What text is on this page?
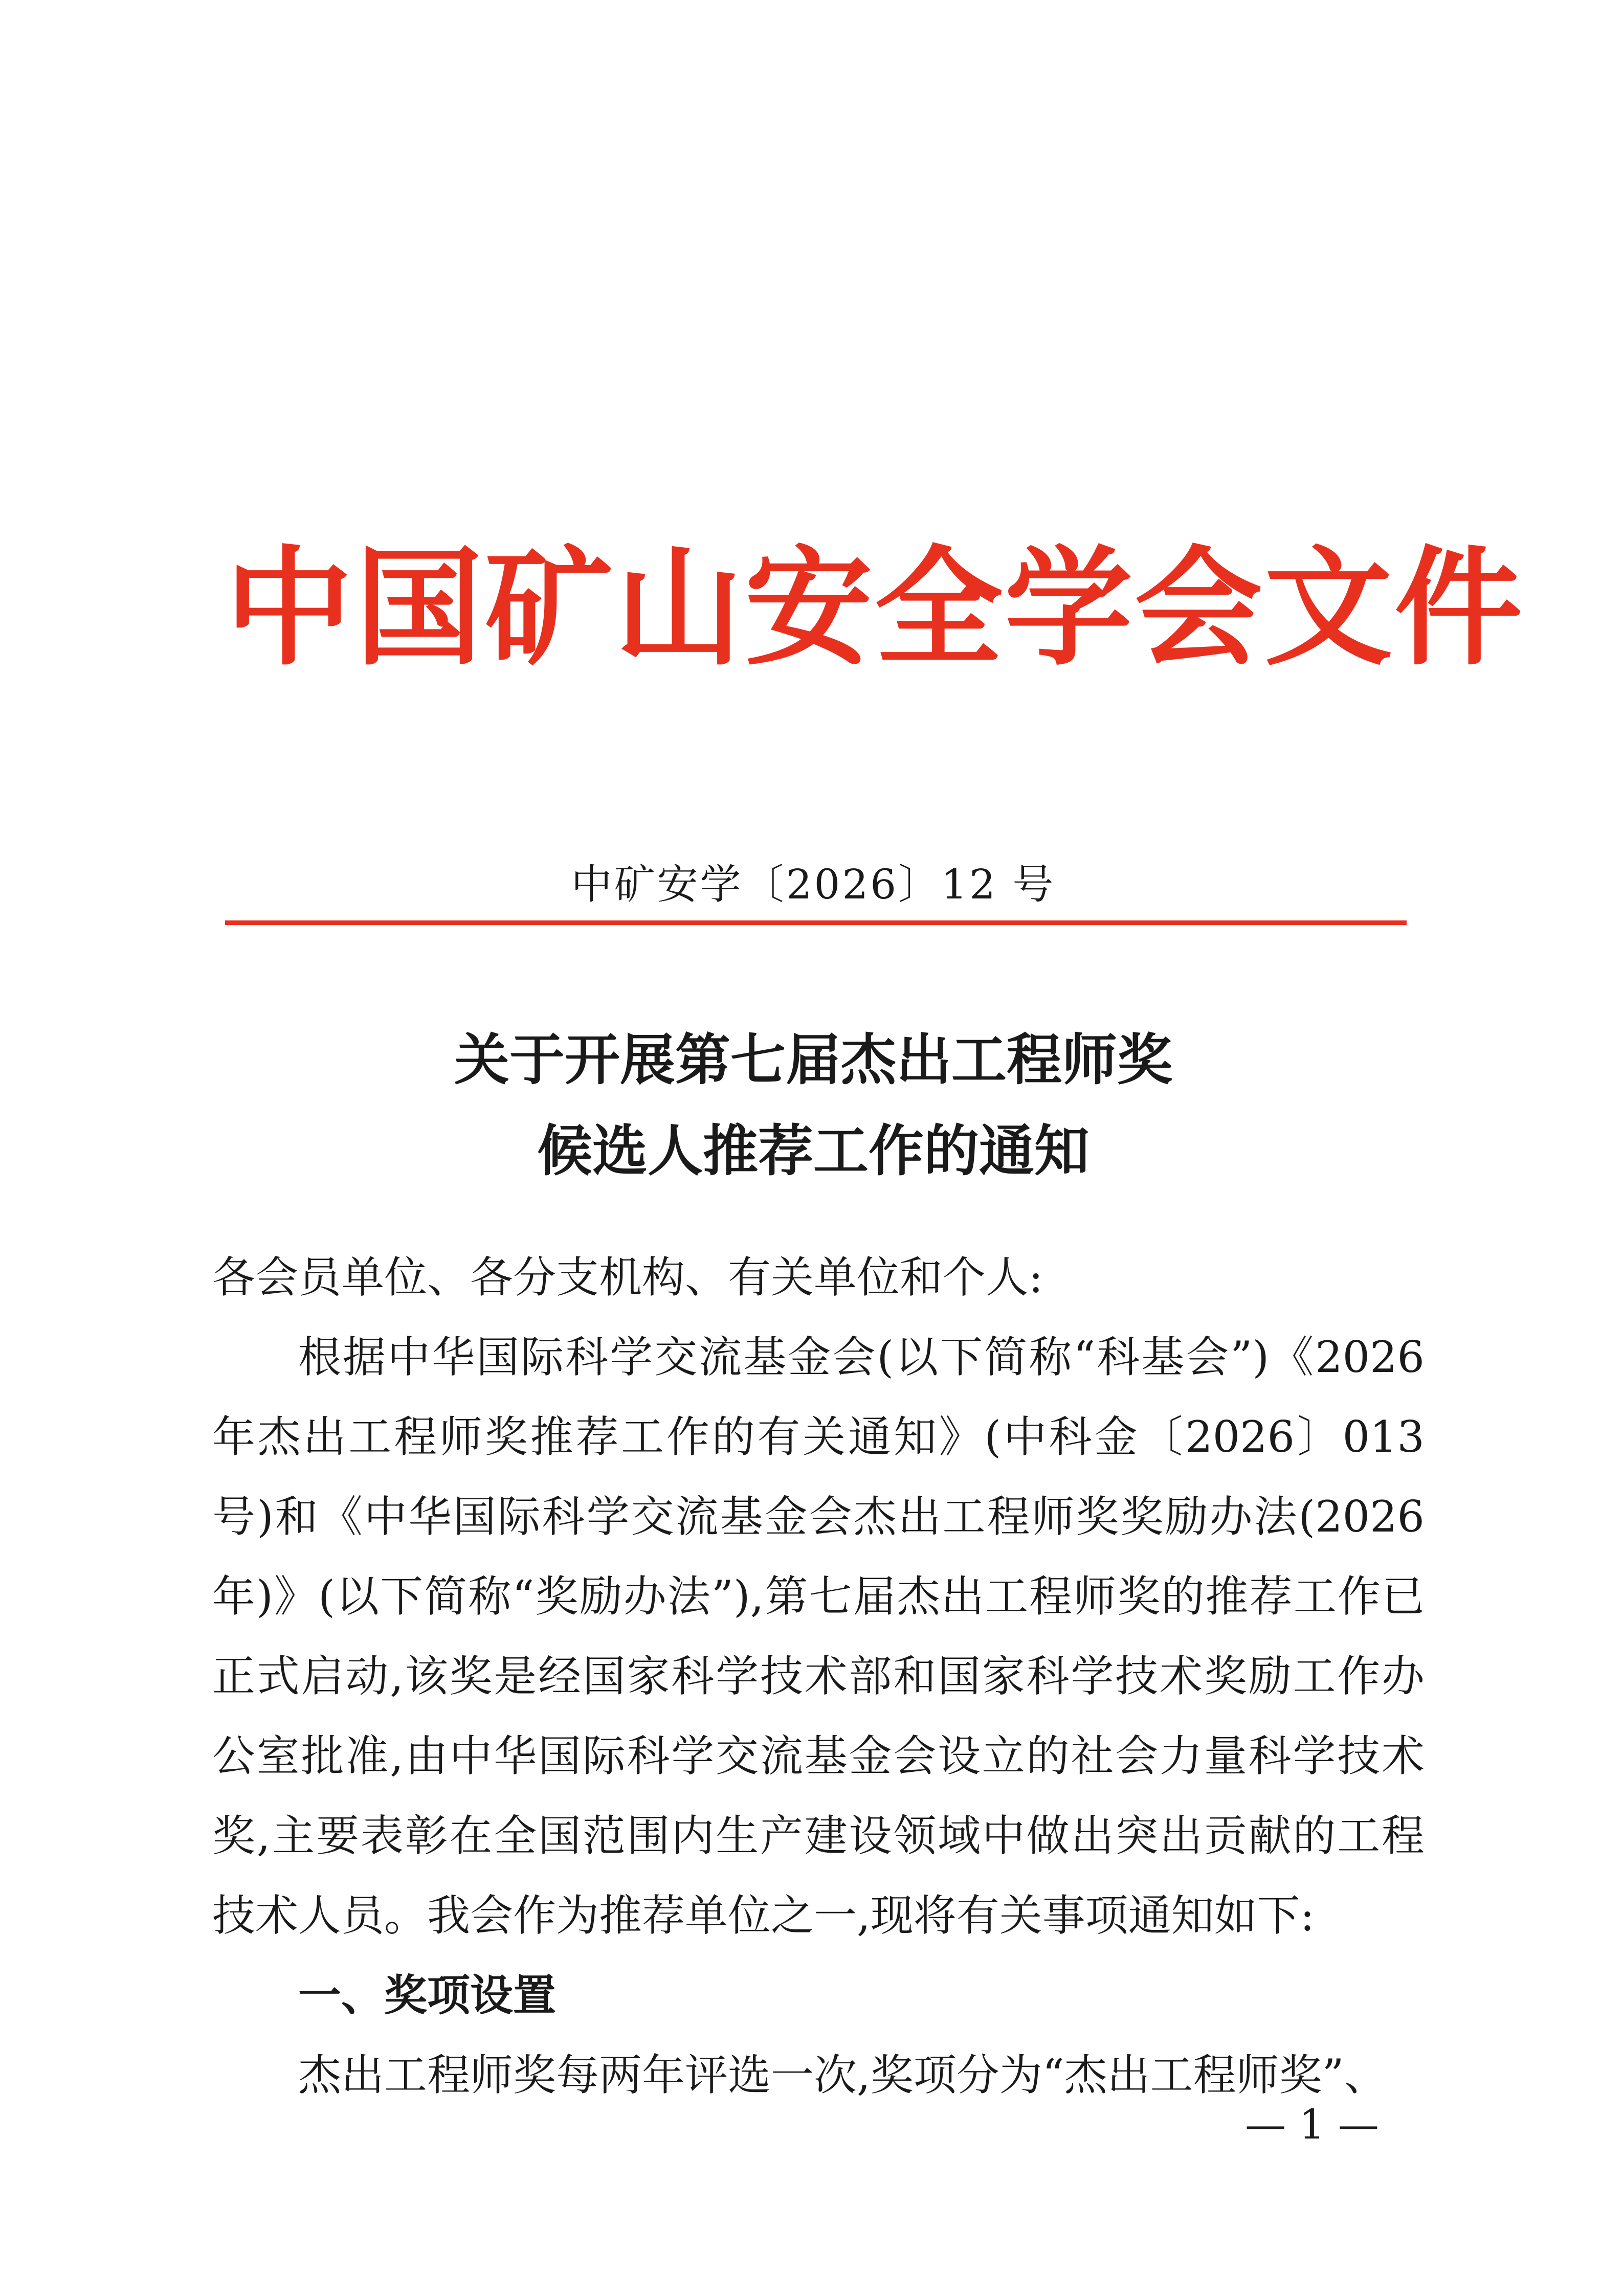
中国矿山安全学会文件
中矿安学〔2026〕12 号
关于开展第七届杰出工程师奖
候选人推荐工作的通知

各会员单位、各分支机构、有关单位和个人:

根据中华国际科学交流基金会(以下简称“科基会”)《2026年杰出工程师奖推荐工作的有关通知》(中科金〔2026〕013 号)和《中华国际科学交流基金会杰出工程师奖奖励办法(2026年)》(以下简称“奖励办法”),第七届杰出工程师奖的推荐工作已正式启动,该奖是经国家科学技术部和国家科学技术奖励工作办公室批准,由中华国际科学交流基金会设立的社会力量科学技术奖,主要表彰在全国范围内生产建设领域中做出突出贡献的工程技术人员。我会作为推荐单位之一,现将有关事项通知如下:

一、奖项设置

杰出工程师奖每两年评选一次,奖项分为“杰出工程师奖”、

— 1 —
